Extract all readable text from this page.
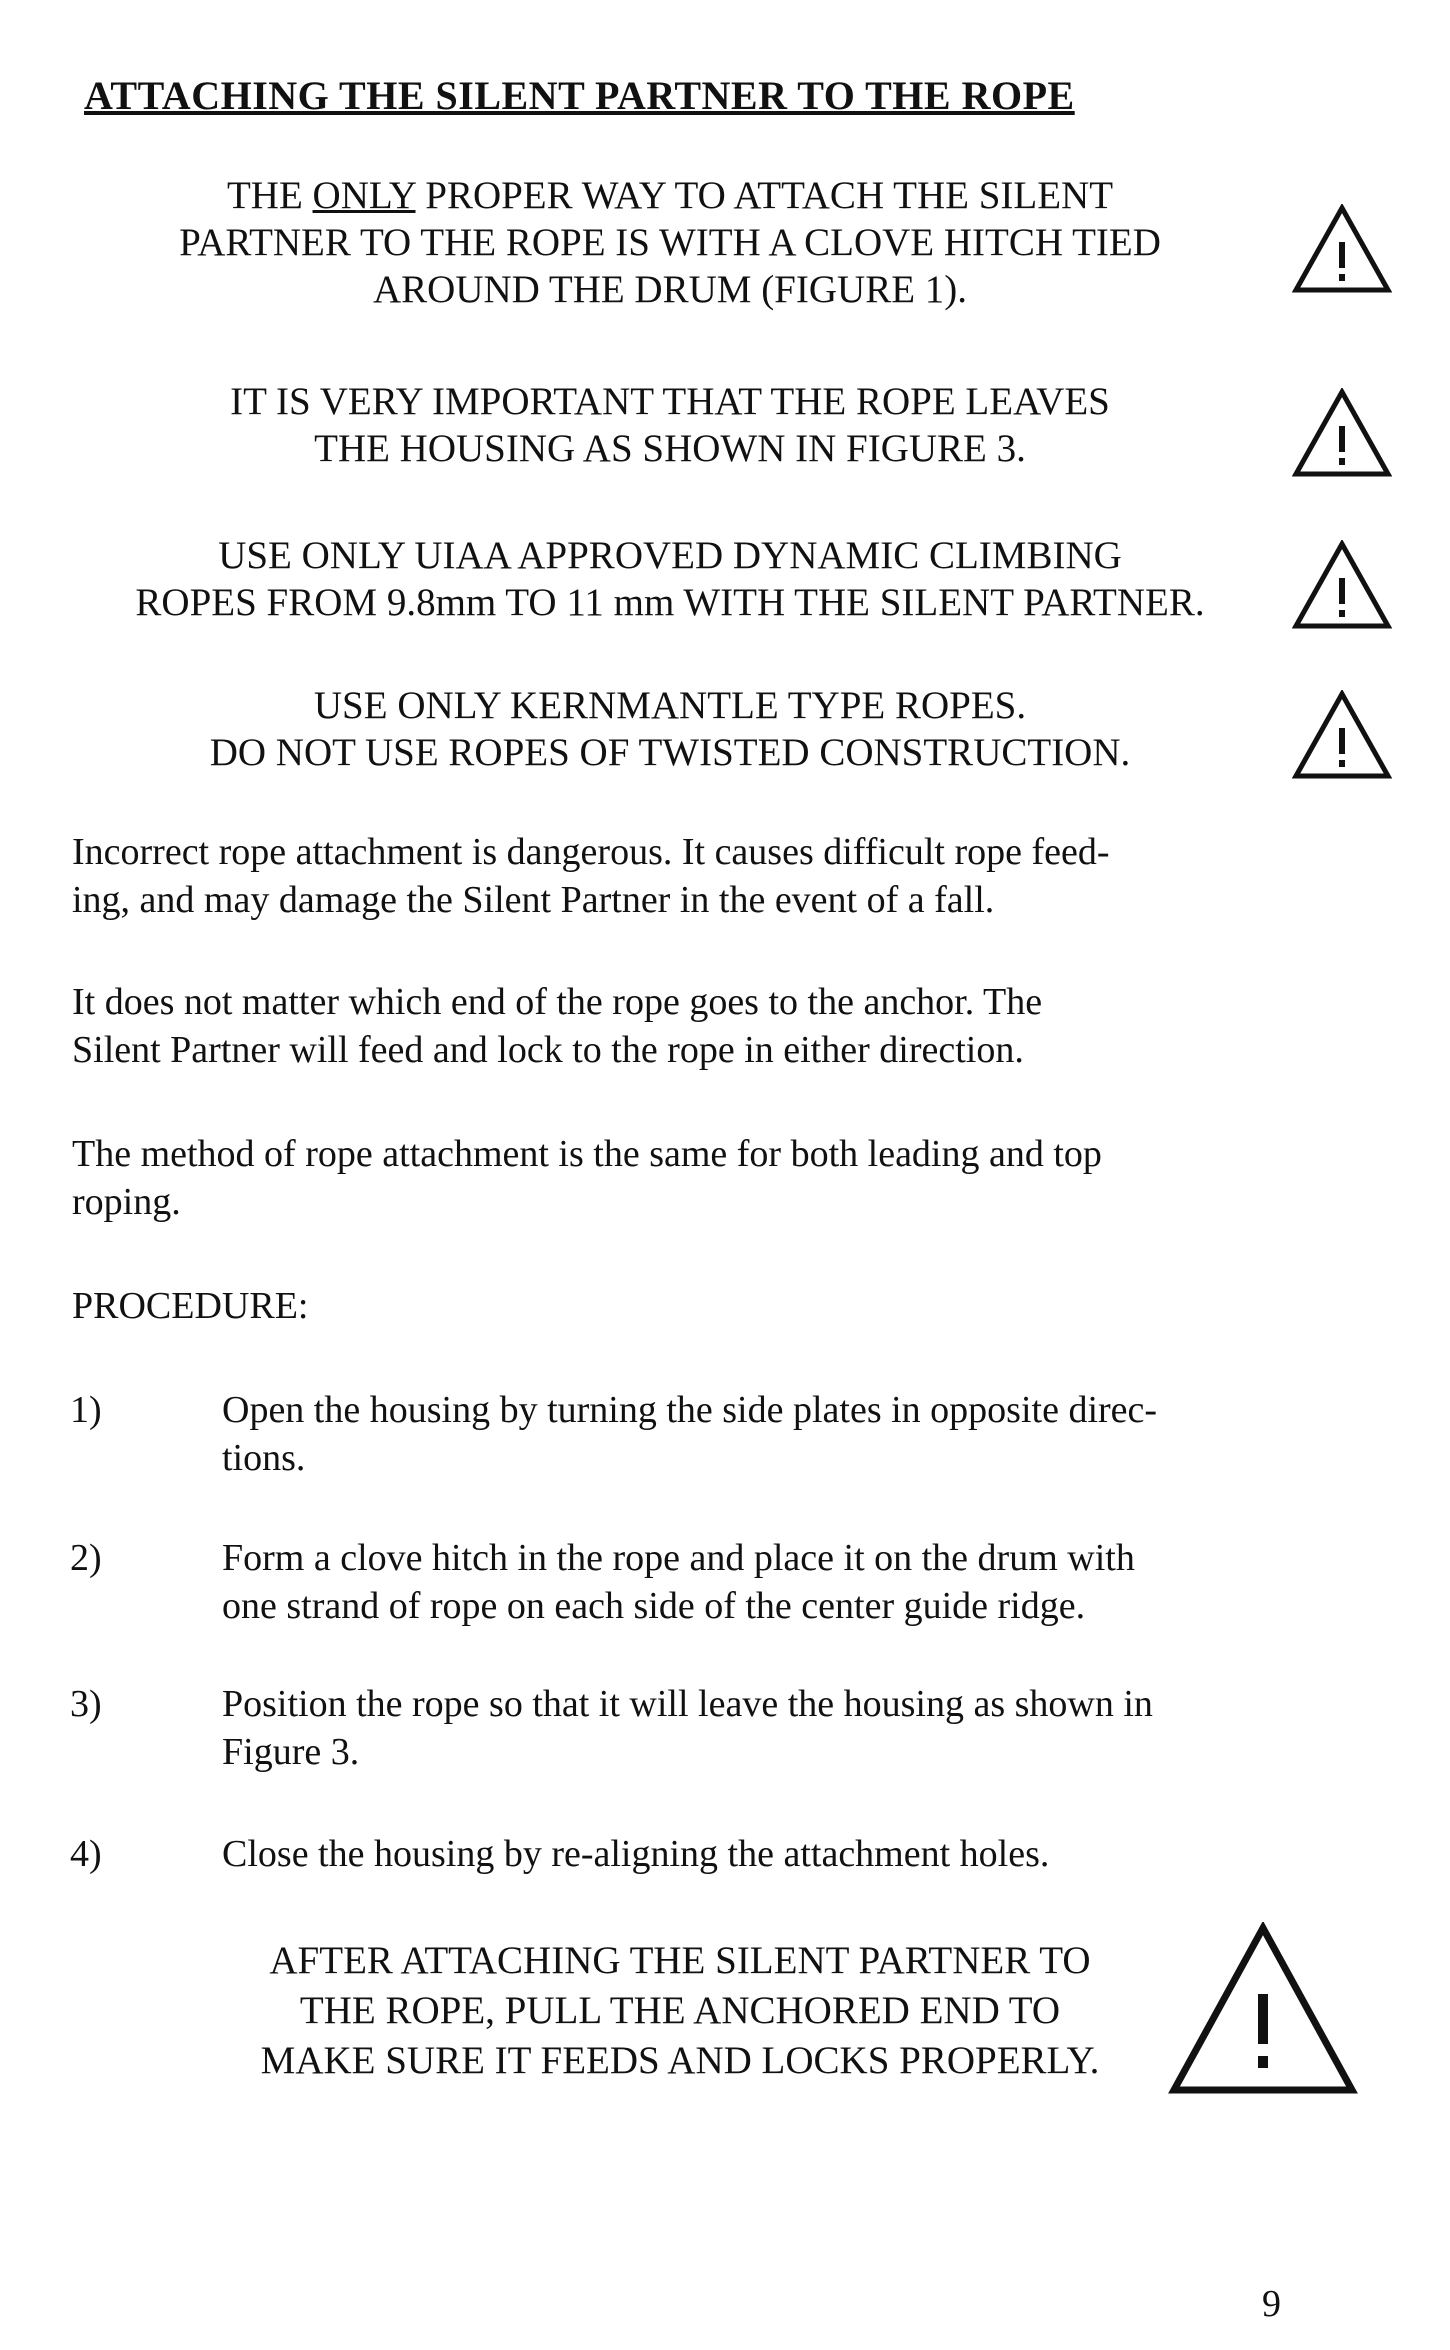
ATTACHING THE SILENT PARTNER TO THE ROPE
THE ONLY PROPER WAY TO ATTACH THE SILENT
PARTNER TO THE ROPE IS WITH A CLOVE HITCH TIED
AROUND THE DRUM (FIGURE 1).
IT IS VERY IMPORTANT THAT THE ROPE LEAVES
THE HOUSING AS SHOWN IN FIGURE 3.
USE ONLY UIAA APPROVED DYNAMIC CLIMBING
ROPES FROM 9.8mm TO 11 mm WITH THE SILENT PARTNER.
USE ONLY KERNMANTLE TYPE ROPES.
DO NOT USE ROPES OF TWISTED CONSTRUCTION.
Incorrect rope attachment is dangerous. It causes difficult rope feed-
ing, and may damage the Silent Partner in the event of a fall.
It does not matter which end of the rope goes to the anchor. The
Silent Partner will feed and lock to the rope in either direction.
The method of rope attachment is the same for both leading and top
roping.
PROCEDURE:
1)	Open the housing by turning the side plates in opposite direc-
tions.
2)	Form a clove hitch in the rope and place it on the drum with
one strand of rope on each side of the center guide ridge.
3)	Position the rope so that it will leave the housing as shown in
Figure 3.
4)	Close the housing by re-aligning the attachment holes.
AFTER ATTACHING THE SILENT PARTNER TO
THE ROPE, PULL THE ANCHORED END TO
MAKE SURE IT FEEDS AND LOCKS PROPERLY.
9
